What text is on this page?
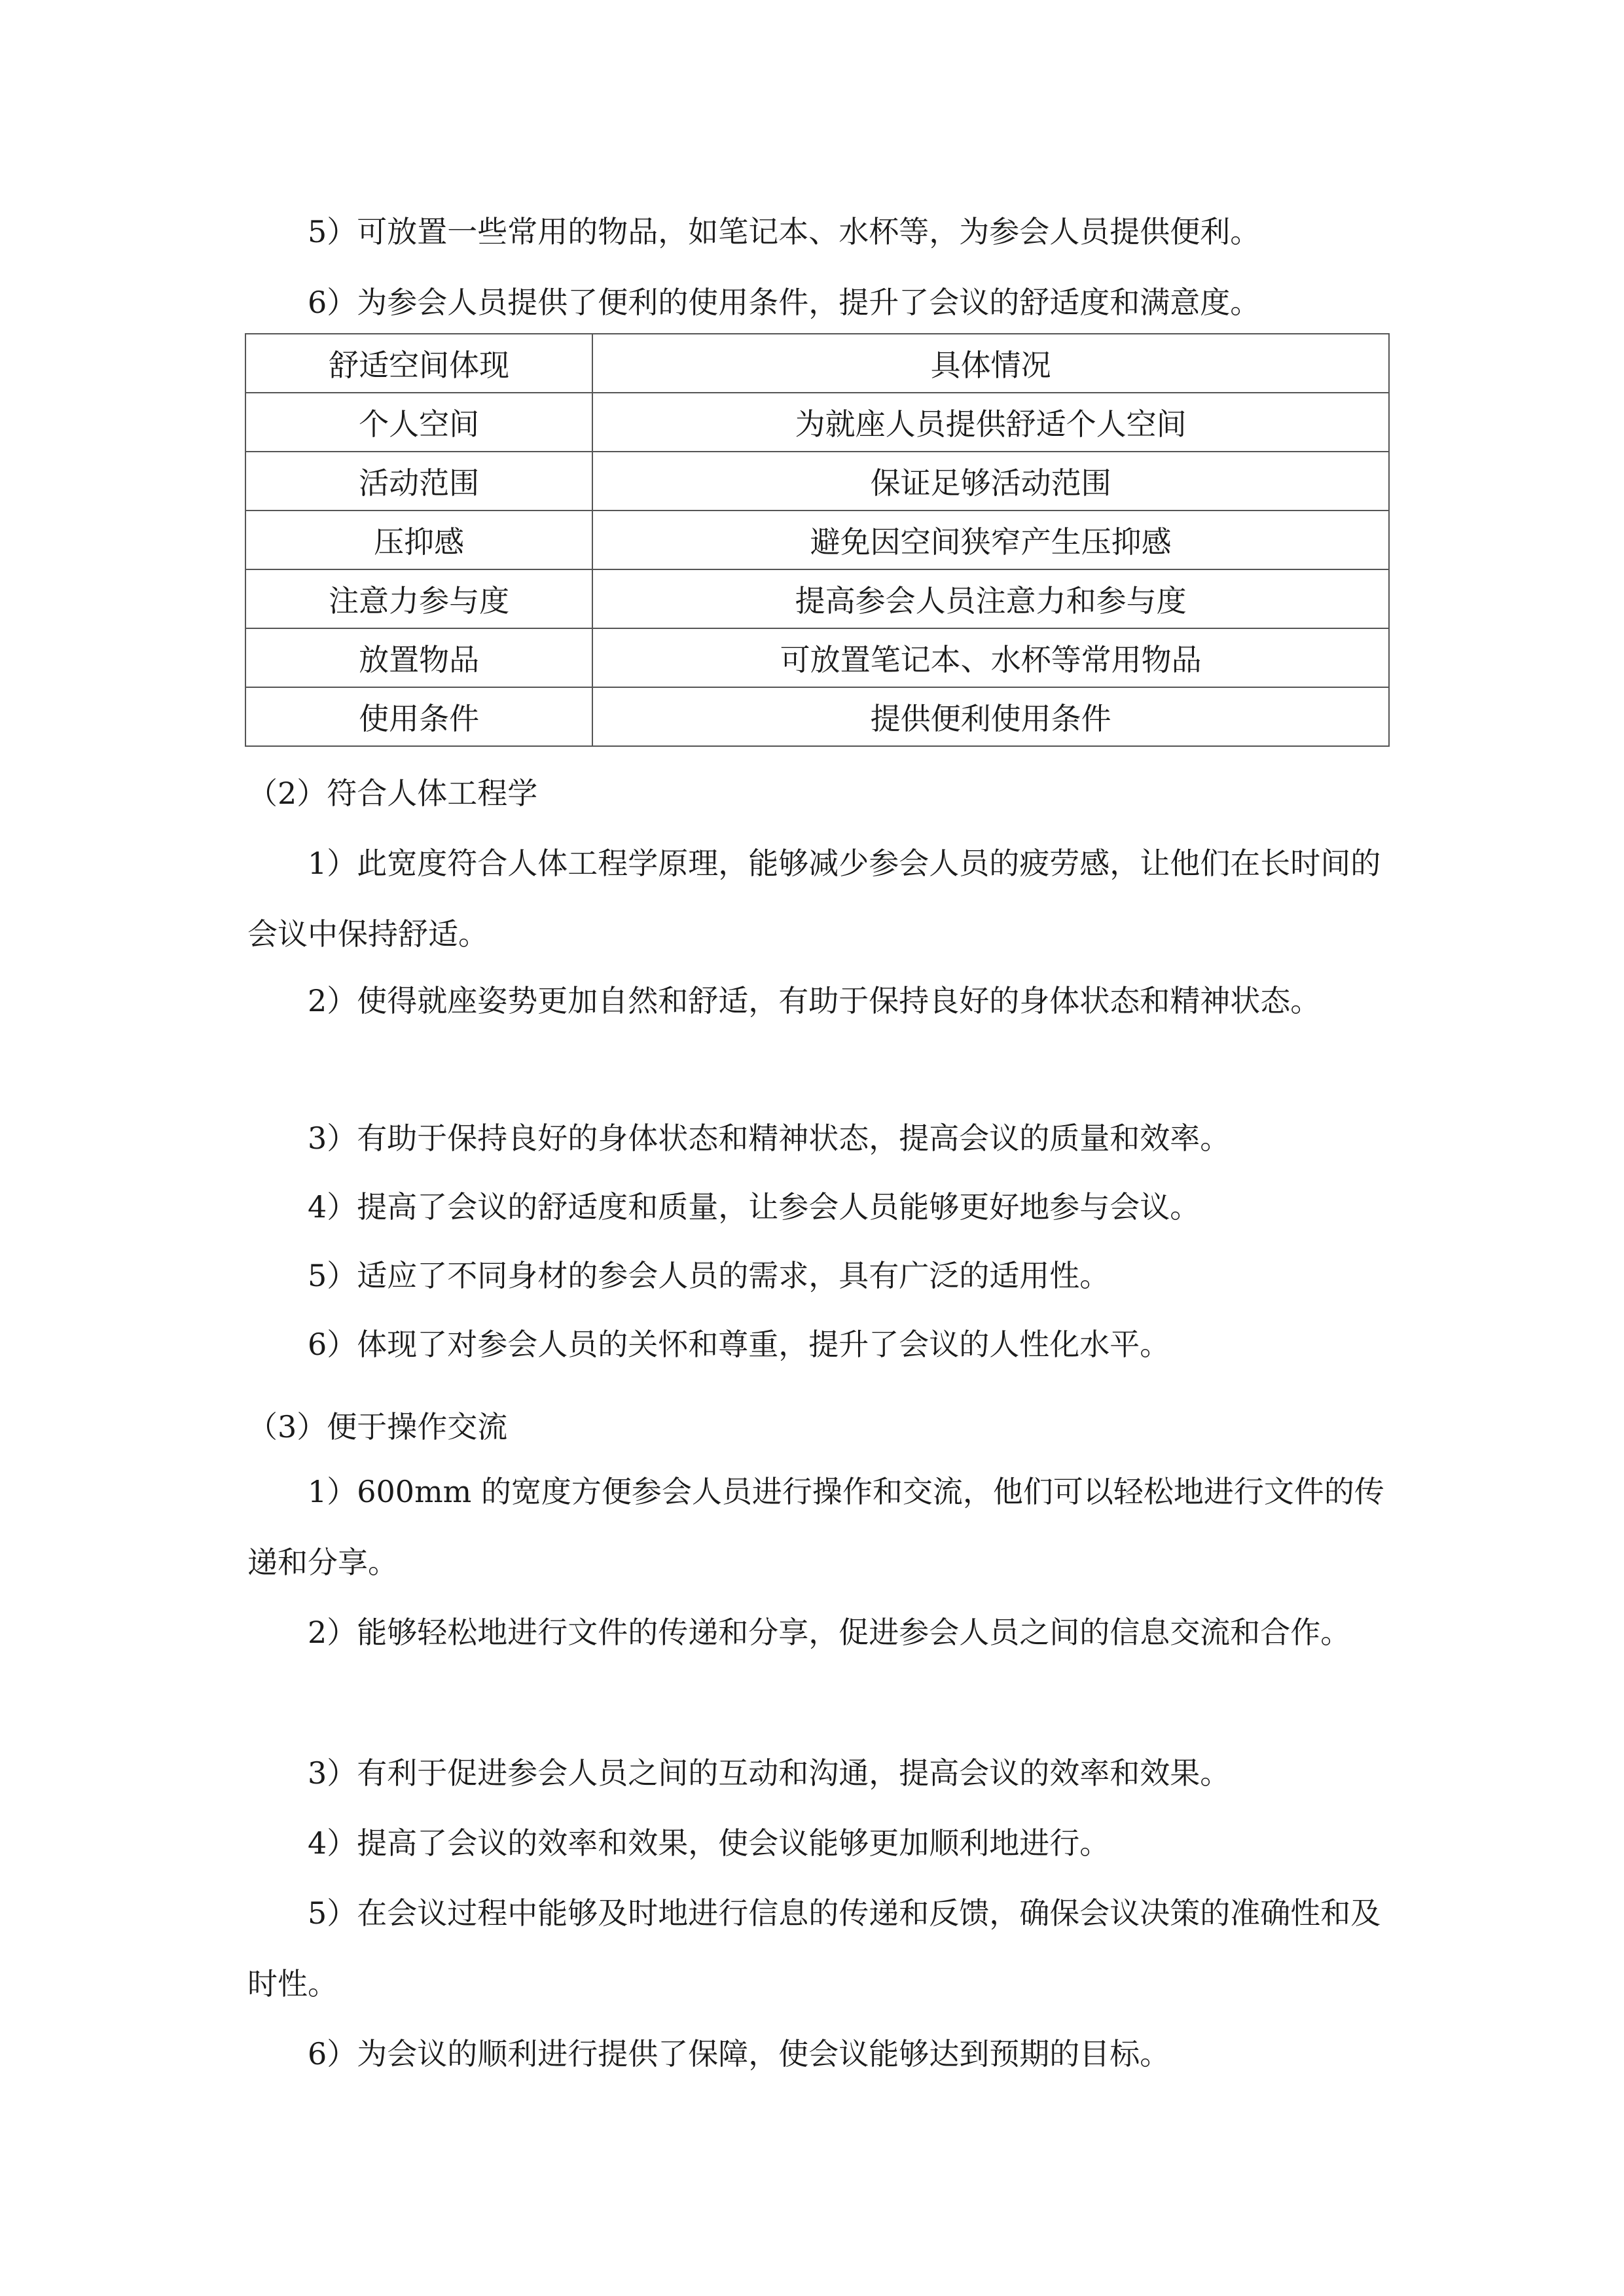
5）可放置一些常用的物品，如笔记本、水杯等，为参会人员提供便利。

6）为参会人员提供了便利的使用条件，提升了会议的舒适度和满意度。

舒适空间体现	具体情况
个人空间	为就座人员提供舒适个人空间
活动范围	保证足够活动范围
压抑感	避免因空间狭窄产生压抑感
注意力参与度	提高参会人员注意力和参与度
放置物品	可放置笔记本、水杯等常用物品
使用条件	提供便利使用条件

（2）符合人体工程学

1）此宽度符合人体工程学原理，能够减少参会人员的疲劳感，让他们在长时间的会议中保持舒适。

2）使得就座姿势更加自然和舒适，有助于保持良好的身体状态和精神状态。

3）有助于保持良好的身体状态和精神状态，提高会议的质量和效率。

4）提高了会议的舒适度和质量，让参会人员能够更好地参与会议。

5）适应了不同身材的参会人员的需求，具有广泛的适用性。

6）体现了对参会人员的关怀和尊重，提升了会议的人性化水平。

（3）便于操作交流

1）600mm 的宽度方便参会人员进行操作和交流，他们可以轻松地进行文件的传递和分享。

2）能够轻松地进行文件的传递和分享，促进参会人员之间的信息交流和合作。

3）有利于促进参会人员之间的互动和沟通，提高会议的效率和效果。

4）提高了会议的效率和效果，使会议能够更加顺利地进行。

5）在会议过程中能够及时地进行信息的传递和反馈，确保会议决策的准确性和及时性。

6）为会议的顺利进行提供了保障，使会议能够达到预期的目标。
